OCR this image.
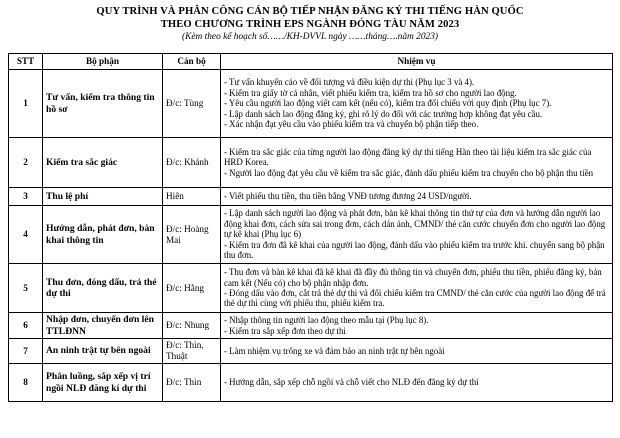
QUY TRÌNH VÀ PHÂN CÔNG CÁN BỘ TIẾP NHẬN ĐĂNG KÝ THI TIẾNG HÀN QUỐC
THEO CHƯƠNG TRÌNH EPS NGÀNH ĐÓNG TÀU NĂM 2023
(Kèm theo kế hoạch số……/KH-DVVL ngày ……tháng….năm 2023)
STT	Bộ phận	Cán bộ	Nhiệm vụ
1	Tư vấn, kiểm tra thông tin hồ sơ	Đ/c: Tùng	- Tư vấn khuyến cáo về đối tượng và điều kiện dự thi (Phụ lục 3 và 4).
- Kiểm tra giấy tờ cá nhân, viết phiếu kiểm tra, kiểm tra hồ sơ cho người lao động.
- Yêu cầu người lao động viết cam kết (nếu có), kiểm tra đối chiếu với quy định (Phụ lục 7).
- Lập danh sách lao động đăng ký, ghi rõ lý do đối với các trường hợp không đạt yêu cầu.
- Xác nhận đạt yêu cầu vào phiếu kiểm tra và chuyển bộ phận tiếp theo.

2	Kiểm tra sắc giác	Đ/c: Khánh	- Kiểm tra sắc giác của từng người lao động đăng ký dự thi tiếng Hàn theo tài liệu kiểm tra sắc giác của HRD Korea.
- Người lao động đạt yêu cầu về kiểm tra sắc giác, đánh dấu phiếu kiểm tra chuyển cho bộ phận thu tiền

3	Thu lệ phí	Hiên	- Viết phiếu thu tiền, thu tiền bằng VNĐ tương đương 24 USD/người.

4	Hướng dẫn, phát đơn, bàn khai thông tin	Đ/c: Hoàng Mai	- Lập danh sách người lao động và phát đơn, bàn kê khai thông tin thứ tự của đơn và hướng dẫn người lao động khai đơn, cách sửa sai trong đơn, cách dán ảnh, CMND/ thẻ căn cước chuyển đơn cho người lao động tự kê khai (Phụ lục 6)
- Kiểm tra đơn đã kê khai của người lao động, đánh dấu vào phiếu kiểm tra trước khi. chuyển sang bộ phận thu đơn.

5	Thu đơn, đóng dấu, trả thẻ dự thi	Đ/c: Hằng	- Thu đơn và bàn kê khai đã kê khai đã đầy đủ thông tin và chuyển đơn, phiếu thu tiền, phiếu đăng ký, bản cam kết (Nếu có) cho bộ phận nhập đơn.
- Đóng dấu vào đơn, cắt trả thẻ dự thi và đối chiếu kiểm tra CMND/ thẻ căn cước của người lao động để trả thẻ dự thi cùng với phiếu thu, phiếu kiểm tra.

6	Nhập đơn, chuyển đơn lên TTLĐNN	Đ/c: Nhung	- Nhập thông tin người lao động theo mẫu tại (Phụ lục 8).
- Kiểm tra sắp xếp đơn theo dự thi

7	An ninh trật tự bên ngoài	Đ/c: Thìn, Thuật	- Làm nhiệm vụ trông xe và đảm bảo an ninh trật tự bên ngoài

8	Phân luồng, sắp xếp vị trí ngồi NLĐ đăng kí dự thi	Đ/c: Thìn	- Hướng dẫn, sắp xếp chỗ ngồi và chỗ viết cho NLĐ đến đăng ký dự thi
